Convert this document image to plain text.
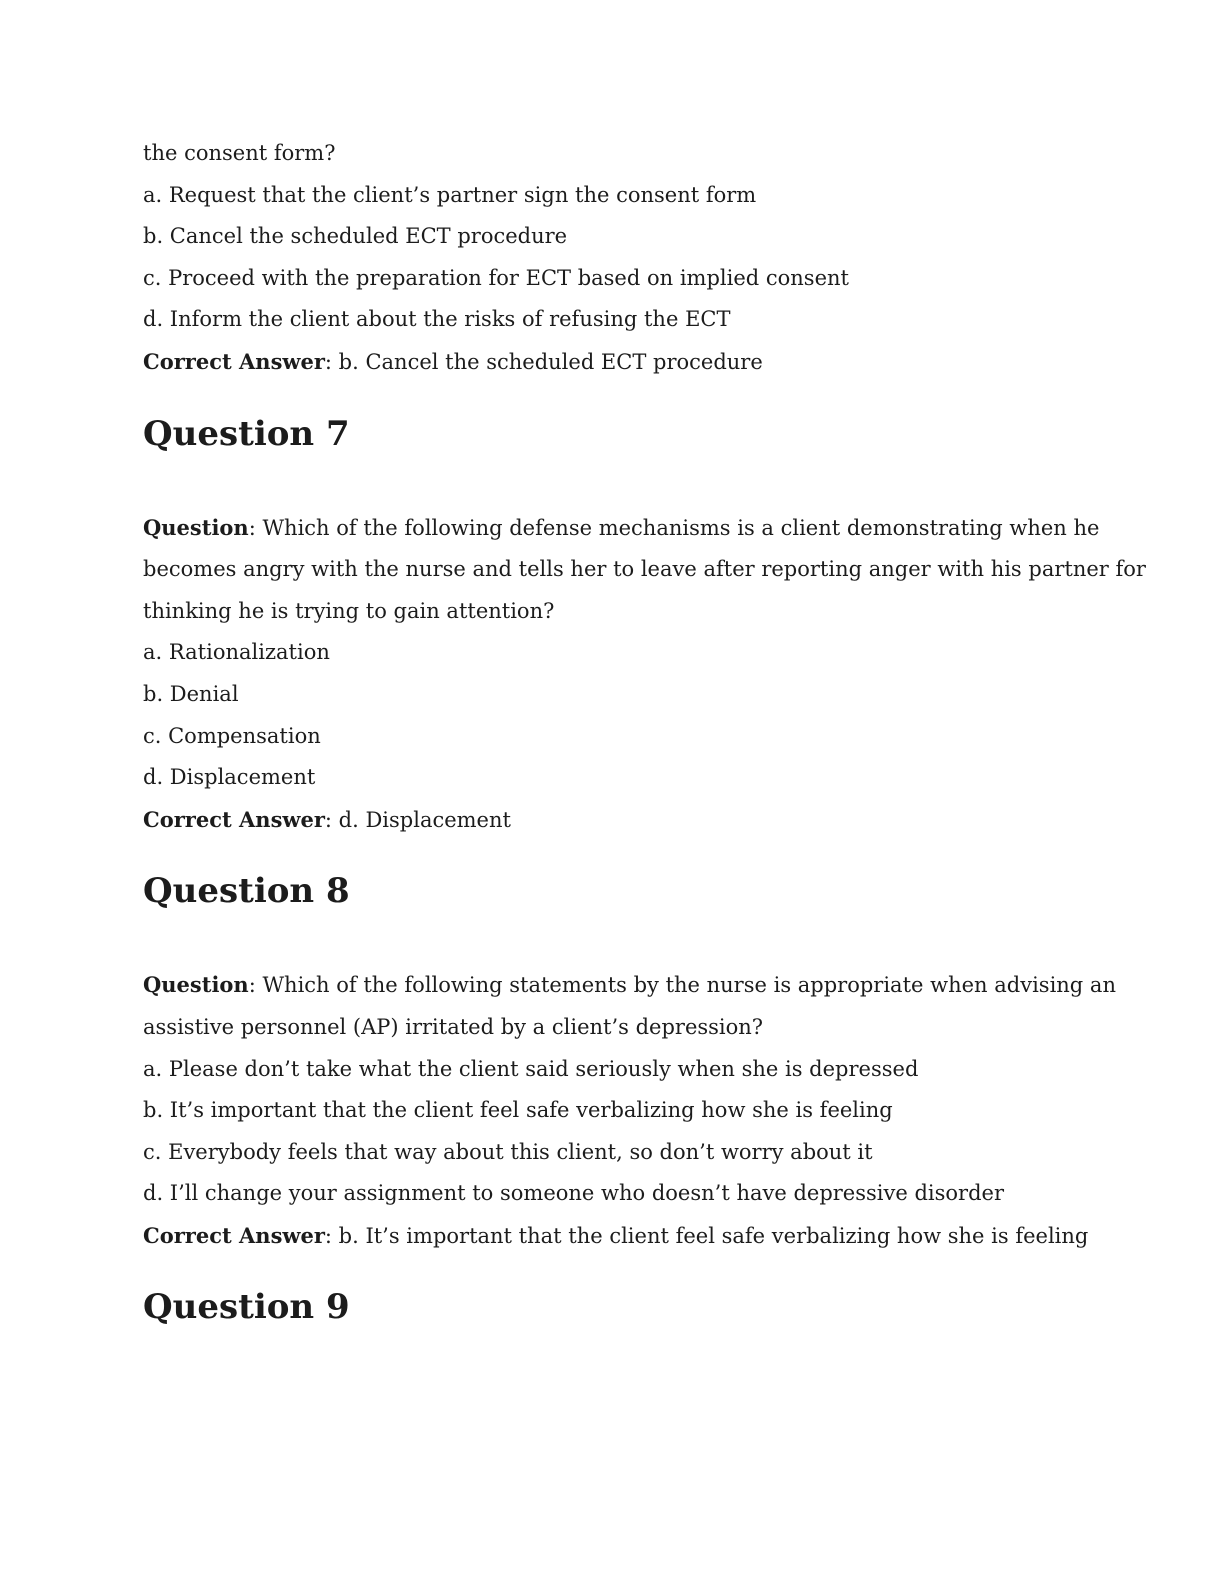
the consent form?

a. Request that the client’s partner sign the consent form

b. Cancel the scheduled ECT procedure

c. Proceed with the preparation for ECT based on implied consent

d. Inform the client about the risks of refusing the ECT

Correct Answer: b. Cancel the scheduled ECT procedure

Question 7

Question: Which of the following defense mechanisms is a client demonstrating when he

becomes angry with the nurse and tells her to leave after reporting anger with his partner for

thinking he is trying to gain attention?

a. Rationalization

b. Denial

c. Compensation

d. Displacement

Correct Answer: d. Displacement

Question 8

Question: Which of the following statements by the nurse is appropriate when advising an

assistive personnel (AP) irritated by a client’s depression?

a. Please don’t take what the client said seriously when she is depressed

b. It’s important that the client feel safe verbalizing how she is feeling

c. Everybody feels that way about this client, so don’t worry about it

d. I’ll change your assignment to someone who doesn’t have depressive disorder

Correct Answer: b. It’s important that the client feel safe verbalizing how she is feeling

Question 9
